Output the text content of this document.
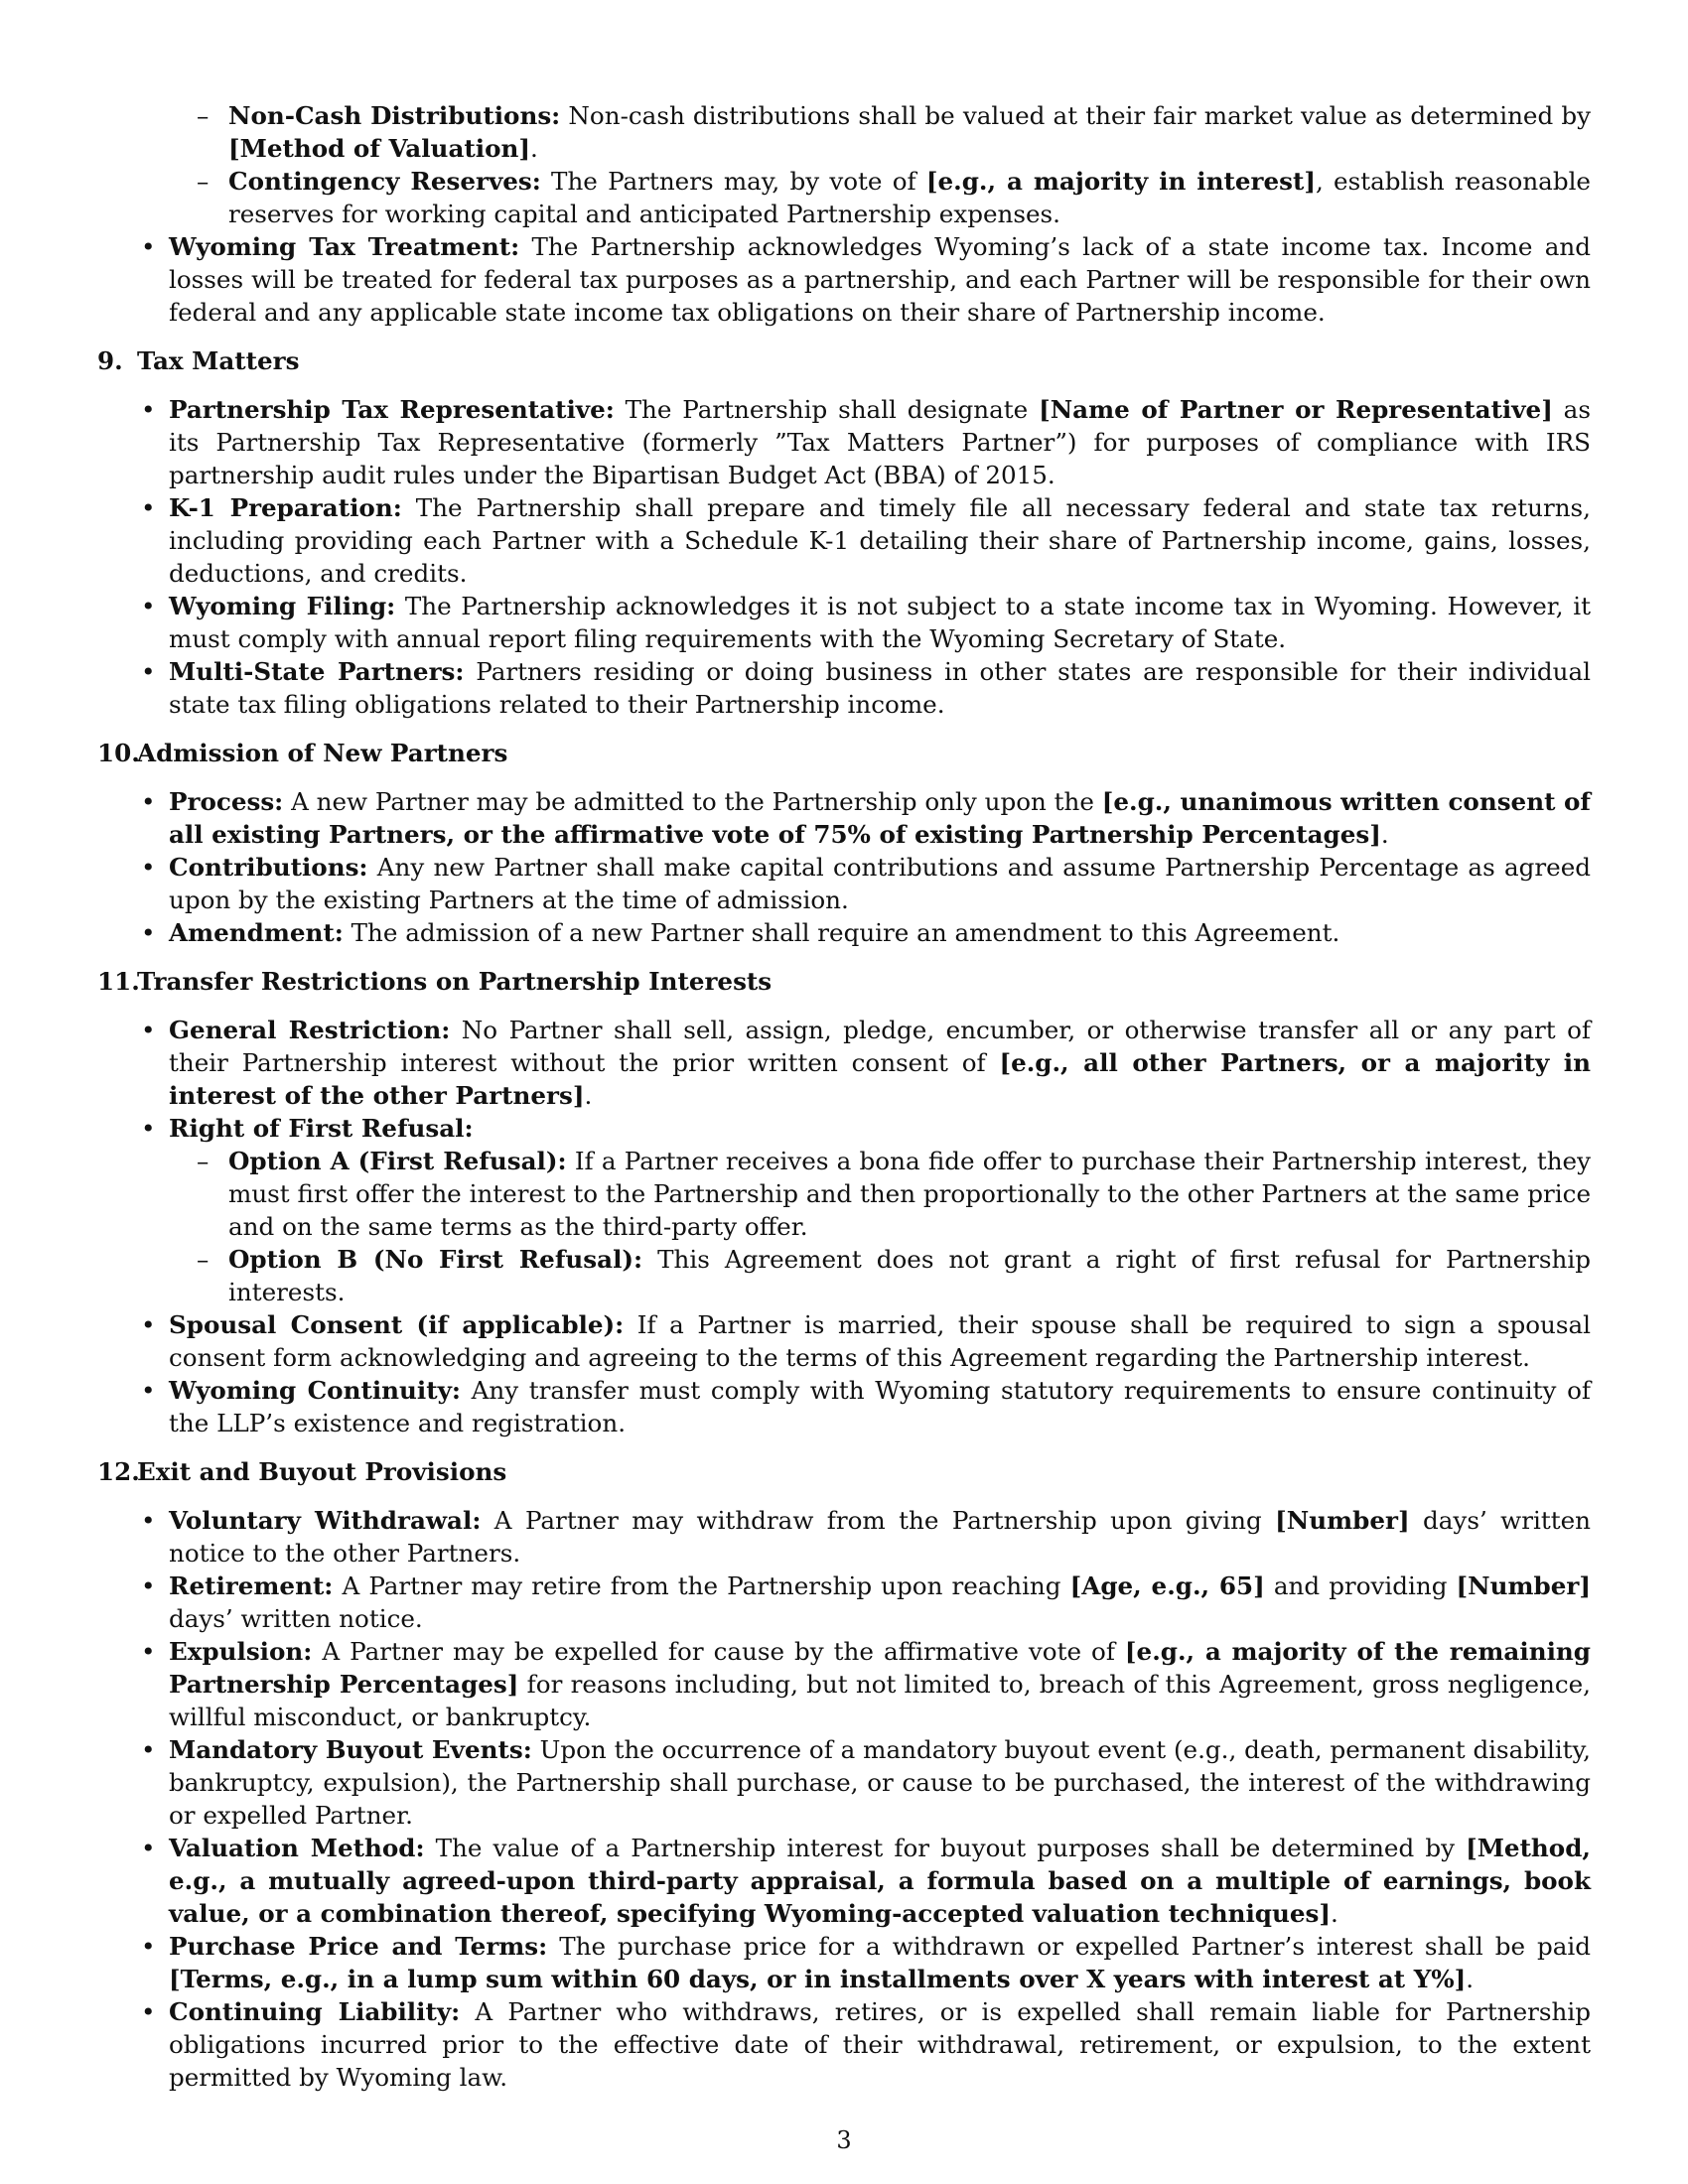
– Non-Cash Distributions: Non-cash distributions shall be valued at their fair market value as determined by [Method of Valuation].
– Contingency Reserves: The Partners may, by vote of [e.g., a majority in interest], establish reasonable reserves for working capital and anticipated Partnership expenses.
• Wyoming Tax Treatment: The Partnership acknowledges Wyoming’s lack of a state income tax. Income and losses will be treated for federal tax purposes as a partnership, and each Partner will be responsible for their own federal and any applicable state income tax obligations on their share of Partnership income.
9. Tax Matters
• Partnership Tax Representative: The Partnership shall designate [Name of Partner or Representative] as its Partnership Tax Representative (formerly ”Tax Matters Partner”) for purposes of compliance with IRS partnership audit rules under the Bipartisan Budget Act (BBA) of 2015.
• K-1 Preparation: The Partnership shall prepare and timely file all necessary federal and state tax returns, including providing each Partner with a Schedule K-1 detailing their share of Partnership income, gains, losses, deductions, and credits.
• Wyoming Filing: The Partnership acknowledges it is not subject to a state income tax in Wyoming. However, it must comply with annual report filing requirements with the Wyoming Secretary of State.
• Multi-State Partners: Partners residing or doing business in other states are responsible for their individual state tax filing obligations related to their Partnership income.
10.Admission of New Partners
• Process: A new Partner may be admitted to the Partnership only upon the [e.g., unanimous written consent of all existing Partners, or the affirmative vote of 75% of existing Partnership Percentages].
• Contributions: Any new Partner shall make capital contributions and assume Partnership Percentage as agreed upon by the existing Partners at the time of admission.
• Amendment: The admission of a new Partner shall require an amendment to this Agreement.
11.Transfer Restrictions on Partnership Interests
• General Restriction: No Partner shall sell, assign, pledge, encumber, or otherwise transfer all or any part of their Partnership interest without the prior written consent of [e.g., all other Partners, or a majority in interest of the other Partners].
• Right of First Refusal:
– Option A (First Refusal): If a Partner receives a bona fide offer to purchase their Partnership interest, they must first offer the interest to the Partnership and then proportionally to the other Partners at the same price and on the same terms as the third-party offer.
– Option B (No First Refusal): This Agreement does not grant a right of first refusal for Partnership interests.
• Spousal Consent (if applicable): If a Partner is married, their spouse shall be required to sign a spousal consent form acknowledging and agreeing to the terms of this Agreement regarding the Partnership interest.
• Wyoming Continuity: Any transfer must comply with Wyoming statutory requirements to ensure continuity of the LLP’s existence and registration.
12.Exit and Buyout Provisions
• Voluntary Withdrawal: A Partner may withdraw from the Partnership upon giving [Number] days’ written notice to the other Partners.
• Retirement: A Partner may retire from the Partnership upon reaching [Age, e.g., 65] and providing [Number] days’ written notice.
• Expulsion: A Partner may be expelled for cause by the affirmative vote of [e.g., a majority of the remaining Partnership Percentages] for reasons including, but not limited to, breach of this Agreement, gross negligence, willful misconduct, or bankruptcy.
• Mandatory Buyout Events: Upon the occurrence of a mandatory buyout event (e.g., death, permanent disability, bankruptcy, expulsion), the Partnership shall purchase, or cause to be purchased, the interest of the withdrawing or expelled Partner.
• Valuation Method: The value of a Partnership interest for buyout purposes shall be determined by [Method, e.g., a mutually agreed-upon third-party appraisal, a formula based on a multiple of earnings, book value, or a combination thereof, specifying Wyoming-accepted valuation techniques].
• Purchase Price and Terms: The purchase price for a withdrawn or expelled Partner’s interest shall be paid [Terms, e.g., in a lump sum within 60 days, or in installments over X years with interest at Y%].
• Continuing Liability: A Partner who withdraws, retires, or is expelled shall remain liable for Partnership obligations incurred prior to the effective date of their withdrawal, retirement, or expulsion, to the extent permitted by Wyoming law.
3
